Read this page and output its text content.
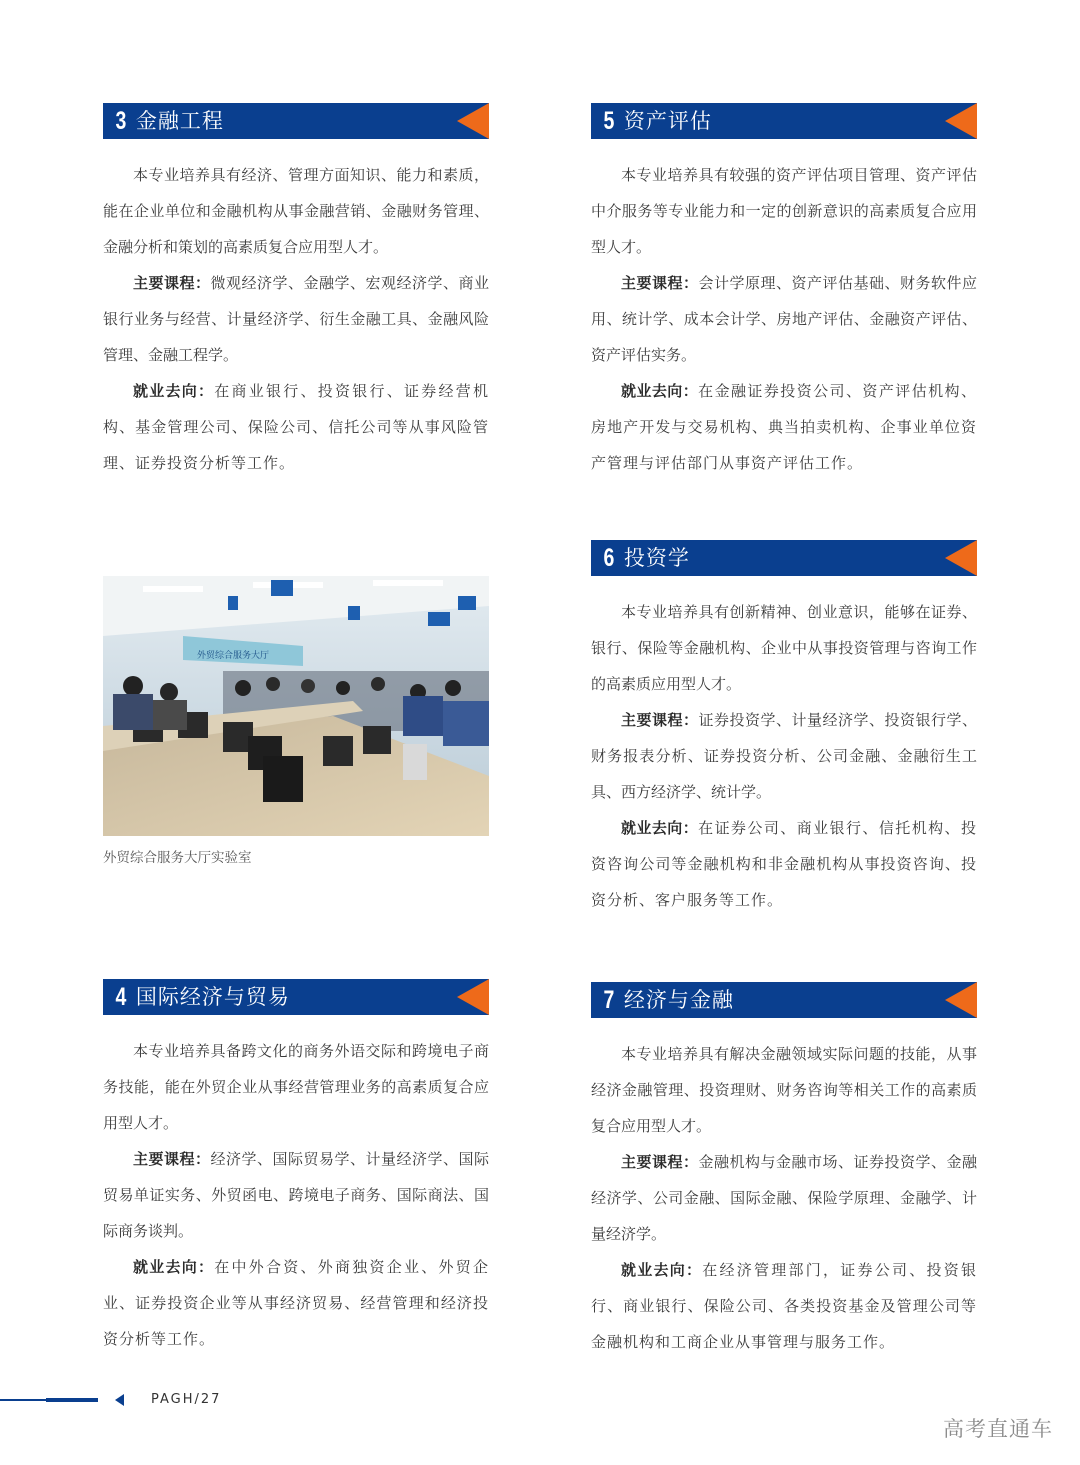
3 金融工程

本专业培养具有经济、管理方面知识、能力和素质，能在企业单位和金融机构从事金融营销、金融财务管理、金融分析和策划的高素质复合应用型人才。

主要课程：微观经济学、金融学、宏观经济学、商业银行业务与经营、计量经济学、衍生金融工具、金融风险管理、金融工程学。

就业去向：在商业银行、投资银行、证券经营机构、基金管理公司、保险公司、信托公司等从事风险管理、证券投资分析等工作。

5 资产评估

本专业培养具有较强的资产评估项目管理、资产评估中介服务等专业能力和一定的创新意识的高素质复合应用型人才。

主要课程：会计学原理、资产评估基础、财务软件应用、统计学、成本会计学、房地产评估、金融资产评估、资产评估实务。

就业去向：在金融证券投资公司、资产评估机构、房地产开发与交易机构、典当拍卖机构、企事业单位资产管理与评估部门从事资产评估工作。

6 投资学

本专业培养具有创新精神、创业意识，能够在证券、银行、保险等金融机构、企业中从事投资管理与咨询工作的高素质应用型人才。

主要课程：证券投资学、计量经济学、投资银行学、财务报表分析、证券投资分析、公司金融、金融衍生工具、西方经济学、统计学。

就业去向：在证券公司、商业银行、信托机构、投资咨询公司等金融机构和非金融机构从事投资咨询、投资分析、客户服务等工作。

4 国际经济与贸易

本专业培养具备跨文化的商务外语交际和跨境电子商务技能，能在外贸企业从事经营管理业务的高素质复合应用型人才。

主要课程：经济学、国际贸易学、计量经济学、国际贸易单证实务、外贸函电、跨境电子商务、国际商法、国际商务谈判。

就业去向：在中外合资、外商独资企业、外贸企业、证券投资企业等从事经济贸易、经营管理和经济投资分析等工作。

7 经济与金融

本专业培养具有解决金融领域实际问题的技能，从事经济金融管理、投资理财、财务咨询等相关工作的高素质复合应用型人才。

主要课程：金融机构与金融市场、证券投资学、金融经济学、公司金融、国际金融、保险学原理、金融学、计量经济学。

就业去向：在经济管理部门，证券公司、投资银行、商业银行、保险公司、各类投资基金及管理公司等金融机构和工商企业从事管理与服务工作。

外贸综合服务大厅
外贸综合服务大厅实验室
PAGH/27
高考直通车
